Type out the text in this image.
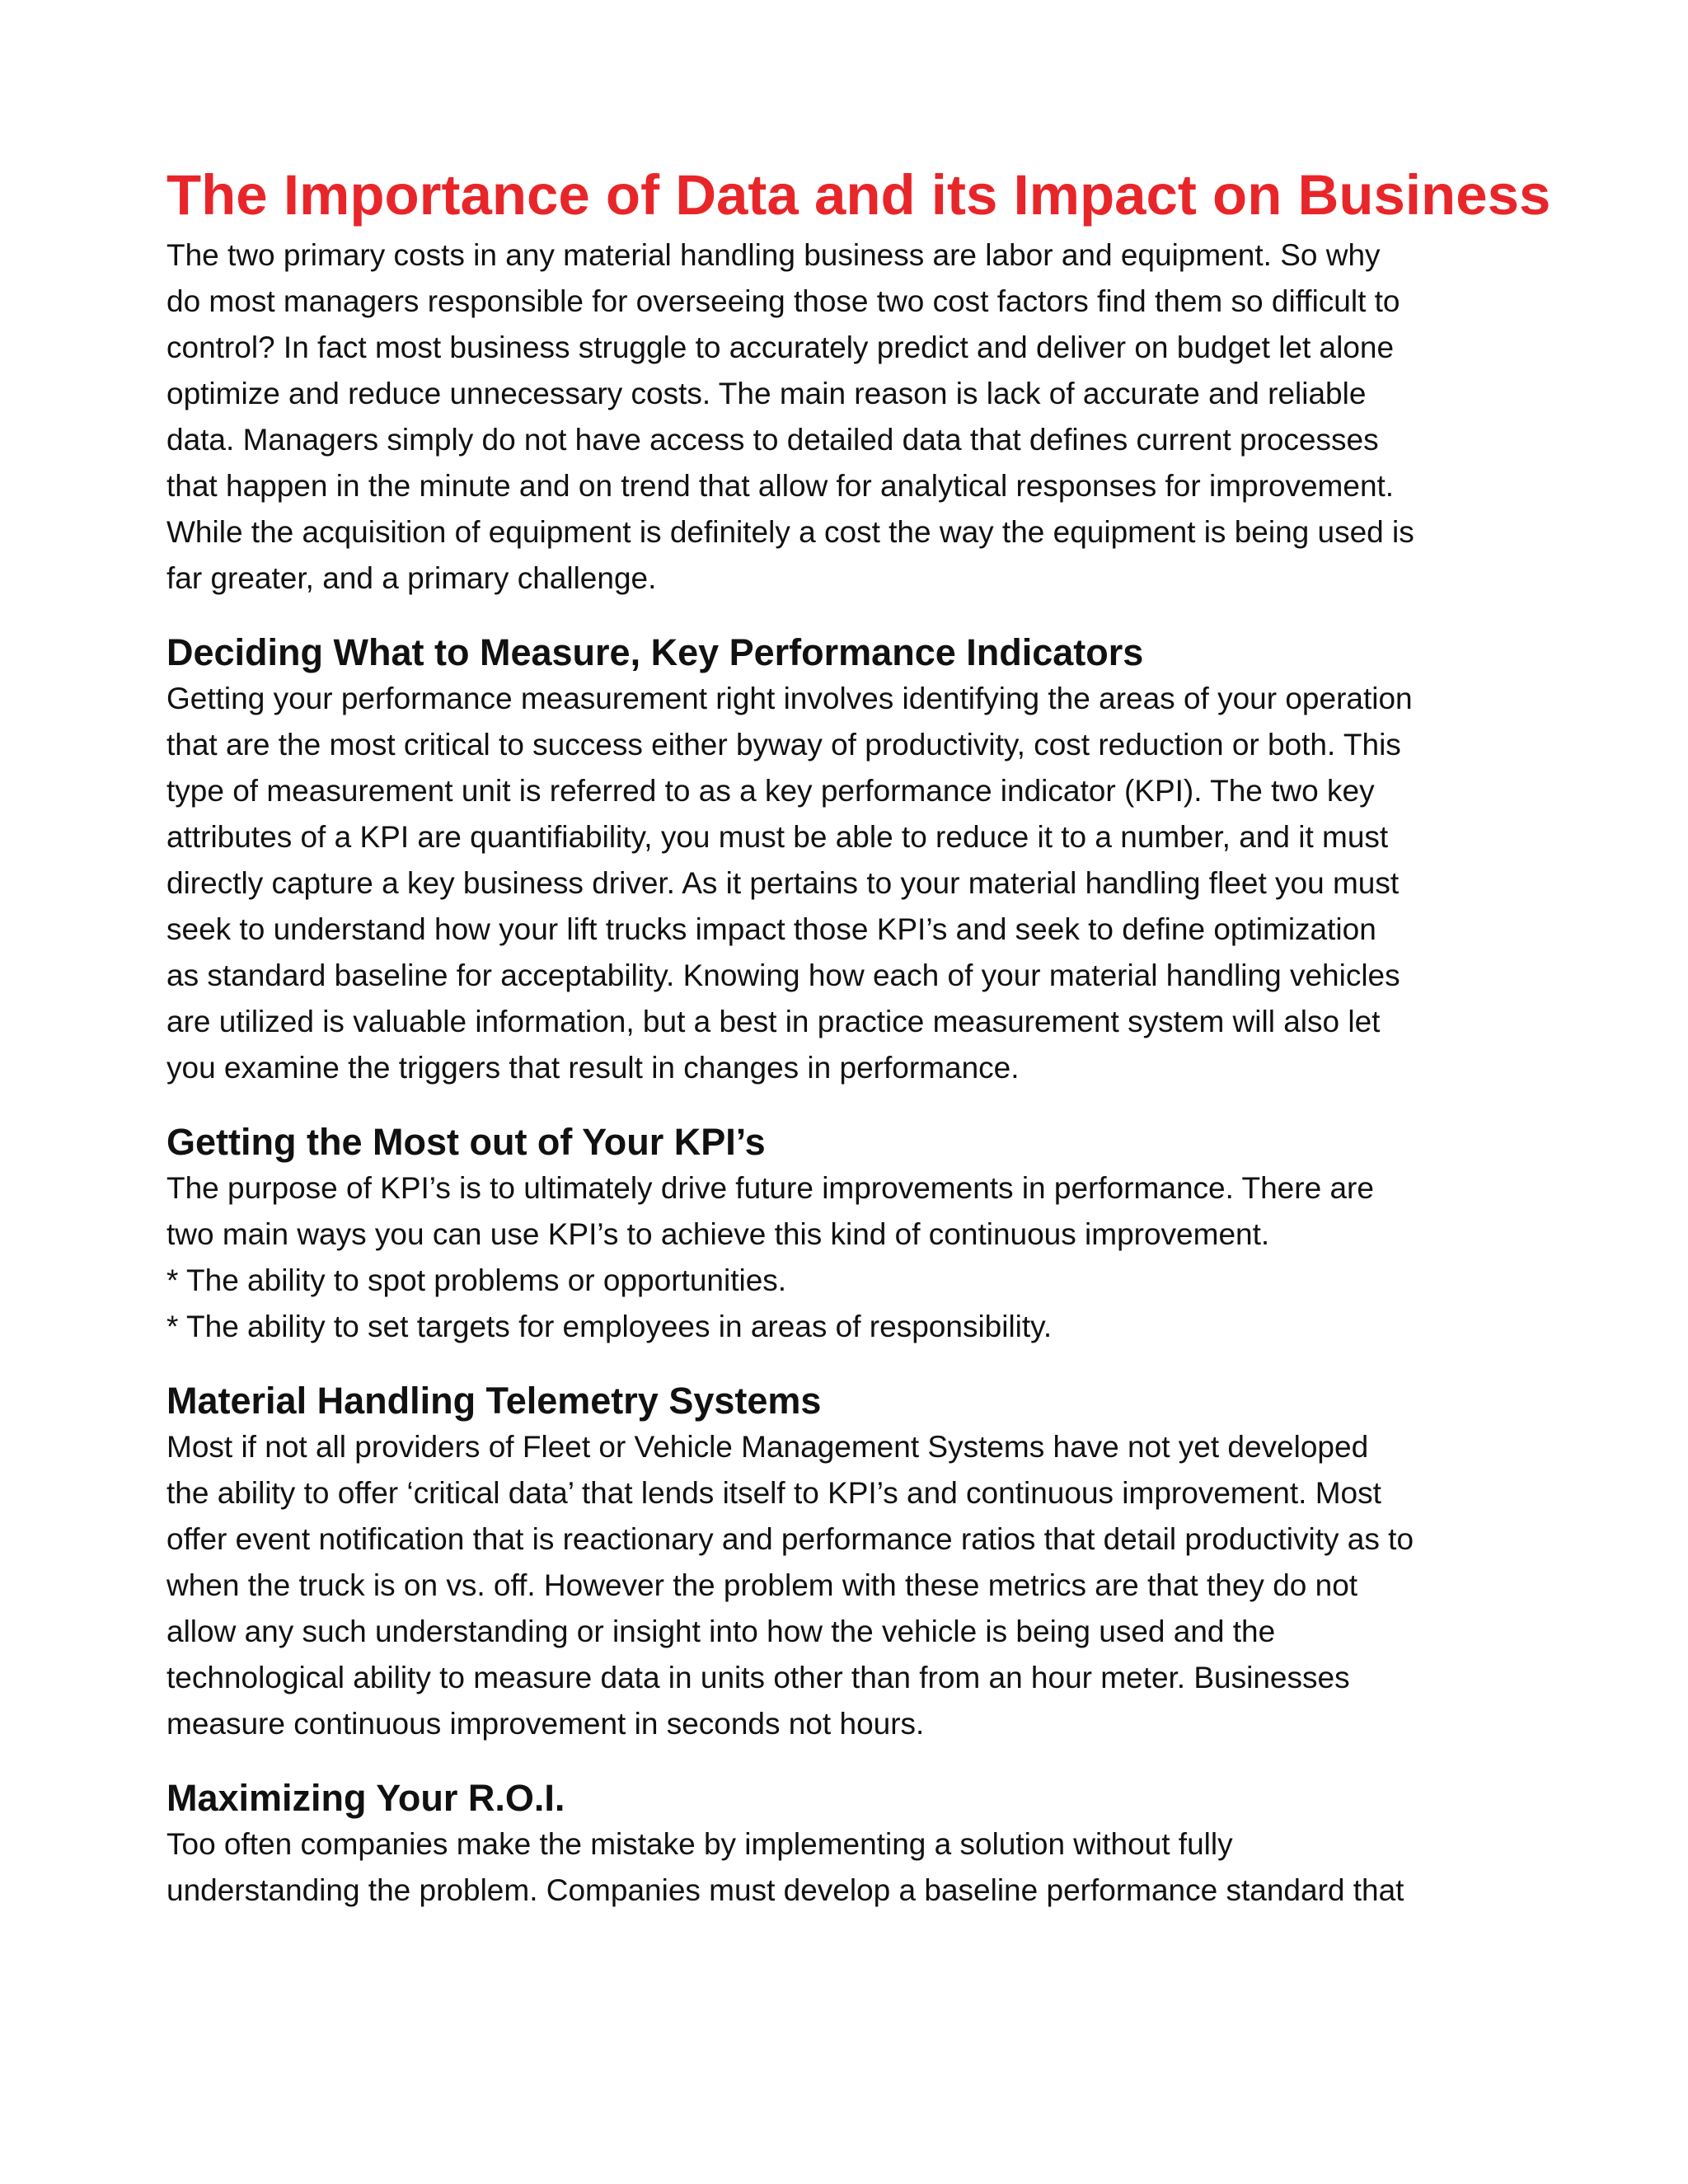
The Importance of Data and its Impact on Business

The two primary costs in any material handling business are labor and equipment. So why
do most managers responsible for overseeing those two cost factors find them so difficult to
control? In fact most business struggle to accurately predict and deliver on budget let alone
optimize and reduce unnecessary costs. The main reason is lack of accurate and reliable
data. Managers simply do not have access to detailed data that defines current processes
that happen in the minute and on trend that allow for analytical responses for improvement.
While the acquisition of equipment is definitely a cost the way the equipment is being used is
far greater, and a primary challenge.

Deciding What to Measure, Key Performance Indicators

Getting your performance measurement right involves identifying the areas of your operation
that are the most critical to success either byway of productivity, cost reduction or both. This
type of measurement unit is referred to as a key performance indicator (KPI). The two key
attributes of a KPI are quantifiability, you must be able to reduce it to a number, and it must
directly capture a key business driver. As it pertains to your material handling fleet you must
seek to understand how your lift trucks impact those KPI’s and seek to define optimization
as standard baseline for acceptability. Knowing how each of your material handling vehicles
are utilized is valuable information, but a best in practice measurement system will also let
you examine the triggers that result in changes in performance.

Getting the Most out of Your KPI’s

The purpose of KPI’s is to ultimately drive future improvements in performance. There are
two main ways you can use KPI’s to achieve this kind of continuous improvement.
* The ability to spot problems or opportunities.
* The ability to set targets for employees in areas of responsibility.

Material Handling Telemetry Systems

Most if not all providers of Fleet or Vehicle Management Systems have not yet developed
the ability to offer ‘critical data’ that lends itself to KPI’s and continuous improvement. Most
offer event notification that is reactionary and performance ratios that detail productivity as to
when the truck is on vs. off. However the problem with these metrics are that they do not
allow any such understanding or insight into how the vehicle is being used and the
technological ability to measure data in units other than from an hour meter. Businesses
measure continuous improvement in seconds not hours.

Maximizing Your R.O.I.

Too often companies make the mistake by implementing a solution without fully
understanding the problem. Companies must develop a baseline performance standard that
